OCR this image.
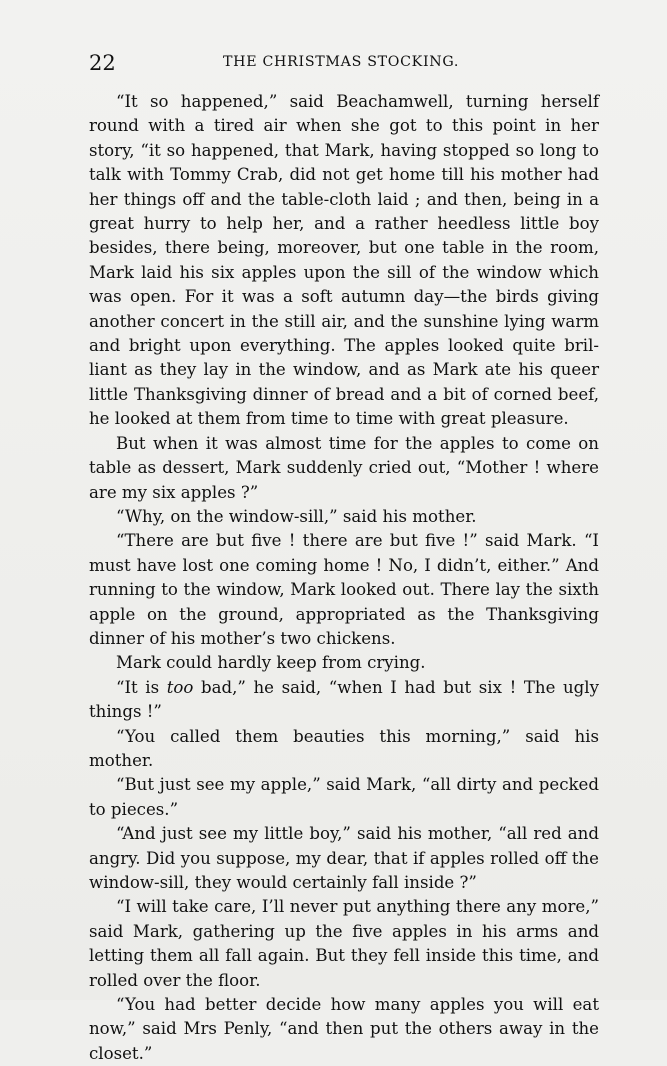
22	THE CHRISTMAS STOCKING.

“It so happened,” said Beachamwell, turning herself round with a tired air when she got to this point in her story, “it so happened, that Mark, having stopped so long to talk with Tommy Crab, did not get home till his mother had her things off and the table-cloth laid ; and then, being in a great hurry to help her, and a rather heedless little boy besides, there being, moreover, but one table in the room, Mark laid his six apples upon the sill of the window which was open. For it was a soft autumn day—the birds giving another concert in the still air, and the sunshine lying warm and bright upon everything. The apples looked quite brilliant as they lay in the window, and as Mark ate his queer little Thanksgiving dinner of bread and a bit of corned beef, he looked at them from time to time with great pleasure.

But when it was almost time for the apples to come on table as dessert, Mark suddenly cried out, “Mother ! where are my six apples ?”

“Why, on the window-sill,” said his mother.

“There are but five ! there are but five !” said Mark. “I must have lost one coming home ! No, I didn’t, either.” And running to the window, Mark looked out. There lay the sixth apple on the ground, appropriated as the Thanksgiving dinner of his mother’s two chickens.

Mark could hardly keep from crying.

“It is too bad,” he said, “when I had but six ! The ugly things !”

“You called them beauties this morning,” said his mother.

“But just see my apple,” said Mark, “all dirty and pecked to pieces.”

“And just see my little boy,” said his mother, “all red and angry. Did you suppose, my dear, that if apples rolled off the window-sill, they would certainly fall inside ?”

“I will take care, I’ll never put anything there any more,” said Mark, gathering up the five apples in his arms and letting them all fall again. But they fell inside this time, and rolled over the floor.

“You had better decide how many apples you will eat now,” said Mrs Penly, “and then put the others away in the closet.”
